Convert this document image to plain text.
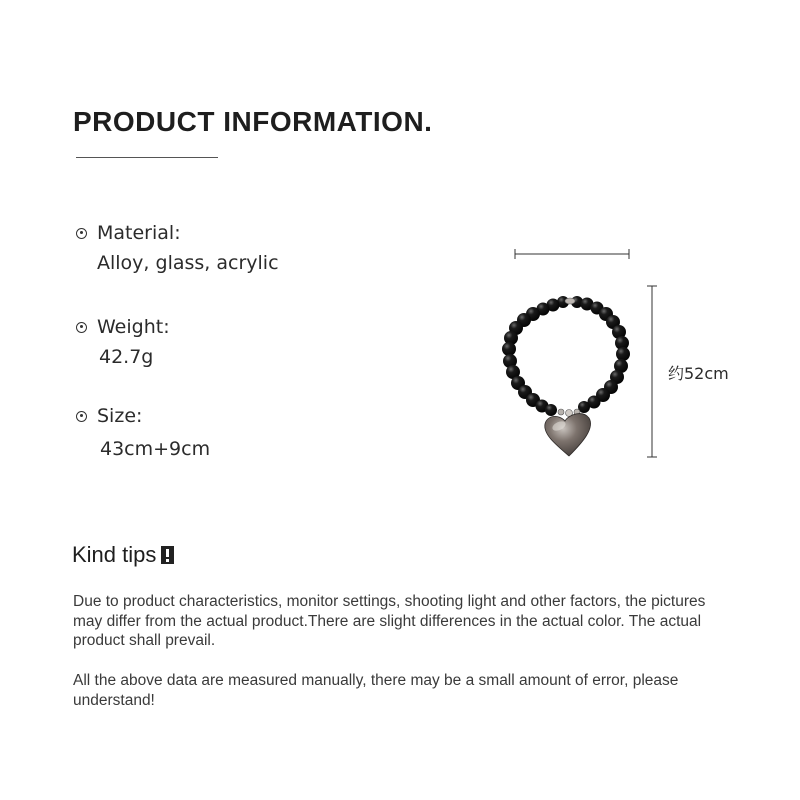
PRODUCT INFORMATION.
Material:
Alloy, glass, acrylic
Weight:
42.7g
Size:
43cm+9cm
约52cm
Kind tips
Due to product characteristics, monitor settings, shooting light and other factors, the pictures may differ from the actual product.There are slight differences in the actual color. The actual product shall prevail.
All the above data are measured manually, there may be a small amount of error, please understand!
